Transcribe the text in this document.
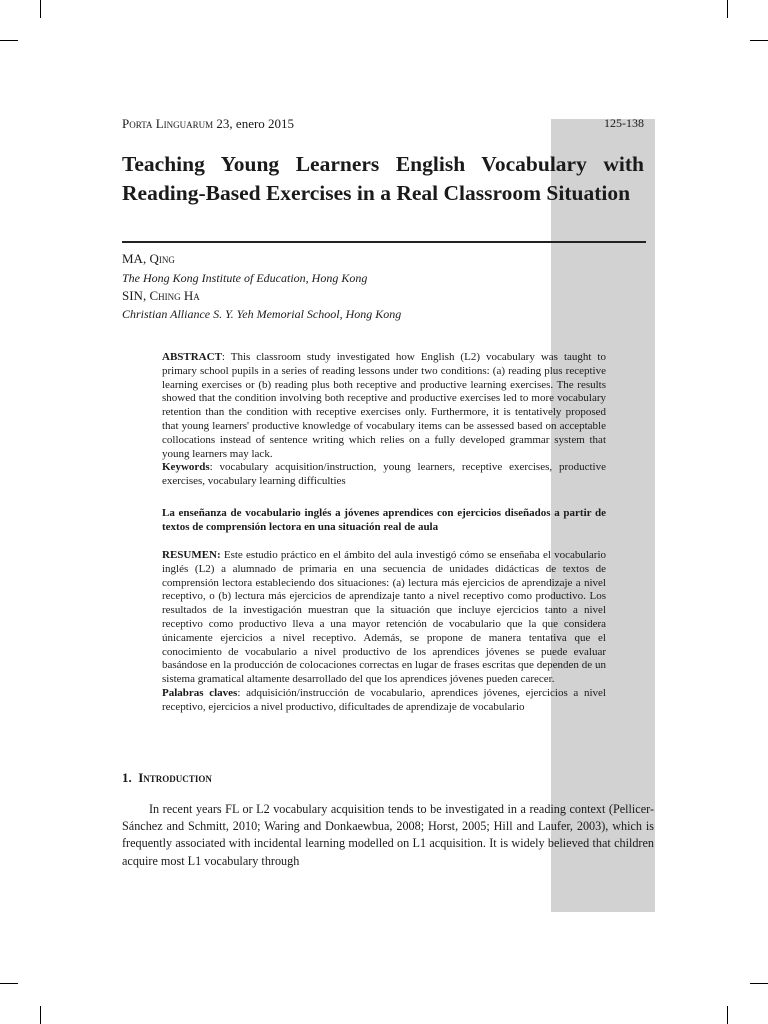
Porta Linguarum 23, enero 2015	125-138
Teaching Young Learners English Vocabulary with Reading-Based Exercises in a Real Classroom Situation
MA, Qing
The Hong Kong Institute of Education, Hong Kong
SIN, Ching Ha
Christian Alliance S. Y. Yeh Memorial School, Hong Kong

ABSTRACT: This classroom study investigated how English (L2) vocabulary was taught to primary school pupils in a series of reading lessons under two conditions: (a) reading plus receptive learning exercises or (b) reading plus both receptive and productive learning exercises. The results showed that the condition involving both receptive and productive exercises led to more vocabulary retention than the condition with receptive exercises only. Furthermore, it is tentatively proposed that young learners' productive knowledge of vocabulary items can be assessed based on acceptable collocations instead of sentence writing which relies on a fully developed grammar system that young learners may lack.
Keywords: vocabulary acquisition/instruction, young learners, receptive exercises, productive exercises, vocabulary learning difficulties

La enseñanza de vocabulario inglés a jóvenes aprendices con ejercicios diseñados a partir de textos de comprensión lectora en una situación real de aula

RESUMEN: Este estudio práctico en el ámbito del aula investigó cómo se enseñaba el vocabulario inglés (L2) a alumnado de primaria en una secuencia de unidades didácticas de textos de comprensión lectora estableciendo dos situaciones: (a) lectura más ejercicios de aprendizaje a nivel receptivo, o (b) lectura más ejercicios de aprendizaje tanto a nivel receptivo como productivo. Los resultados de la investigación muestran que la situación que incluye ejercicios tanto a nivel receptivo como productivo lleva a una mayor retención de vocabulario que la que considera únicamente ejercicios a nivel receptivo. Además, se propone de manera tentativa que el conocimiento de vocabulario a nivel productivo de los aprendices jóvenes se puede evaluar basándose en la producción de colocaciones correctas en lugar de frases escritas que dependen de un sistema gramatical altamente desarrollado del que los aprendices jóvenes pueden carecer.
Palabras claves: adquisición/instrucción de vocabulario, aprendices jóvenes, ejercicios a nivel receptivo, ejercicios a nivel productivo, dificultades de aprendizaje de vocabulario

1. Introduction

In recent years FL or L2 vocabulary acquisition tends to be investigated in a reading context (Pellicer-Sánchez and Schmitt, 2010; Waring and Donkaewbua, 2008; Horst, 2005; Hill and Laufer, 2003), which is frequently associated with incidental learning modelled on L1 acquisition. It is widely believed that children acquire most L1 vocabulary through
